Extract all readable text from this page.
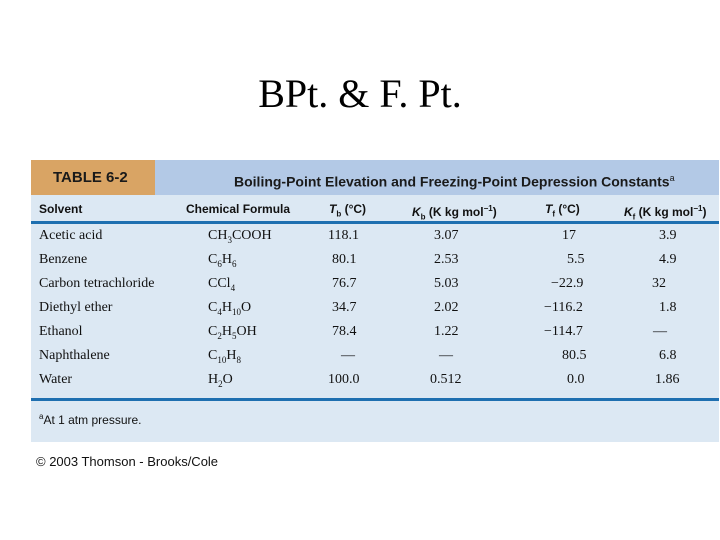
BPt. & F. Pt.
TABLE 6-2	Boiling-Point Elevation and Freezing-Point Depression Constants$^a$
Solvent	Chemical Formula	$T_b$ (°C)	$K_b$ (K kg mol$^{-1}$)	$T_f$ (°C)	$K_f$ (K kg mol$^{-1}$)
Acetic acid	$CH_3COOH$	118.1	3.07	17	3.9
Benzene	$C_6H_6$	80.1	2.53	5.5	4.9
Carbon tetrachloride	CCl$_4$	76.7	5.03	−22.9	32
Diethyl ether	$C_4H_{10}O$	34.7	2.02	−116.2	1.8
Ethanol	$C_2H_5OH$	78.4	1.22	−114.7	—
Naphthalene	$C_{10}H_8$	—	—	80.5	6.8
Water	$H_2O$	100.0	0.512	0.0	1.86
$^a$At 1 atm pressure.
© 2003 Thomson - Brooks/Cole
